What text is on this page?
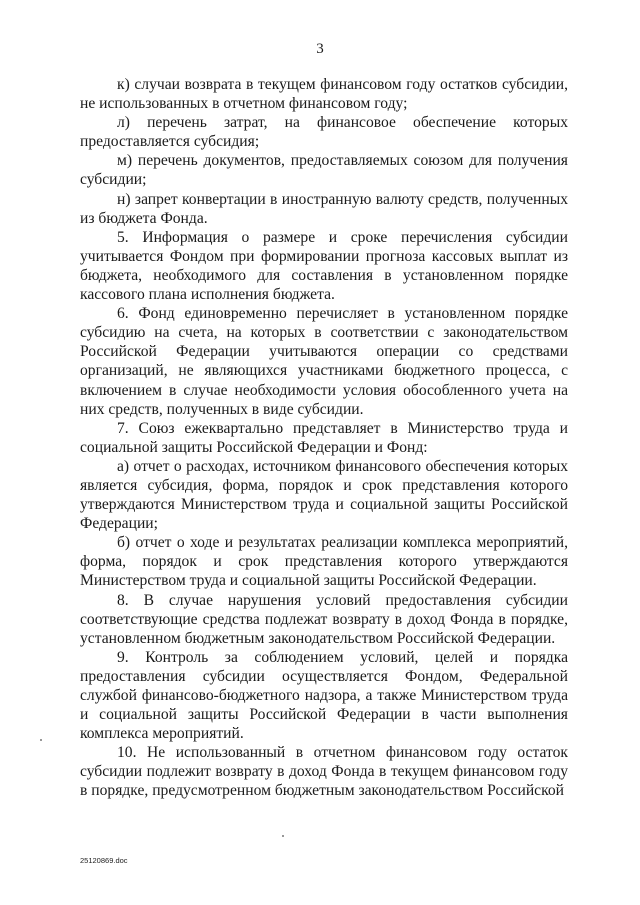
3

к) случаи возврата в текущем финансовом году остатков субсидии, не использованных в отчетном финансовом году;

л) перечень затрат, на финансовое обеспечение которых предоставляется субсидия;

м) перечень документов, предоставляемых союзом для получения субсидии;

н) запрет конвертации в иностранную валюту средств, полученных из бюджета Фонда.

5. Информация о размере и сроке перечисления субсидии учитывается Фондом при формировании прогноза кассовых выплат из бюджета, необходимого для составления в установленном порядке кассового плана исполнения бюджета.

6. Фонд единовременно перечисляет в установленном порядке субсидию на счета, на которых в соответствии с законодательством Российской Федерации учитываются операции со средствами организаций, не являющихся участниками бюджетного процесса, с включением в случае необходимости условия обособленного учета на них средств, полученных в виде субсидии.

7. Союз ежеквартально представляет в Министерство труда и социальной защиты Российской Федерации и Фонд:

а) отчет о расходах, источником финансового обеспечения которых является субсидия, форма, порядок и срок представления которого утверждаются Министерством труда и социальной защиты Российской Федерации;

б) отчет о ходе и результатах реализации комплекса мероприятий, форма, порядок и срок представления которого утверждаются Министерством труда и социальной защиты Российской Федерации.

8. В случае нарушения условий предоставления субсидии соответствующие средства подлежат возврату в доход Фонда в порядке, установленном бюджетным законодательством Российской Федерации.

9. Контроль за соблюдением условий, целей и порядка предоставления субсидии осуществляется Фондом, Федеральной службой финансово-бюджетного надзора, а также Министерством труда и социальной защиты Российской Федерации в части выполнения комплекса мероприятий.

10. Не использованный в отчетном финансовом году остаток субсидии подлежит возврату в доход Фонда в текущем финансовом году в порядке, предусмотренном бюджетным законодательством Российской

25120869.doc
